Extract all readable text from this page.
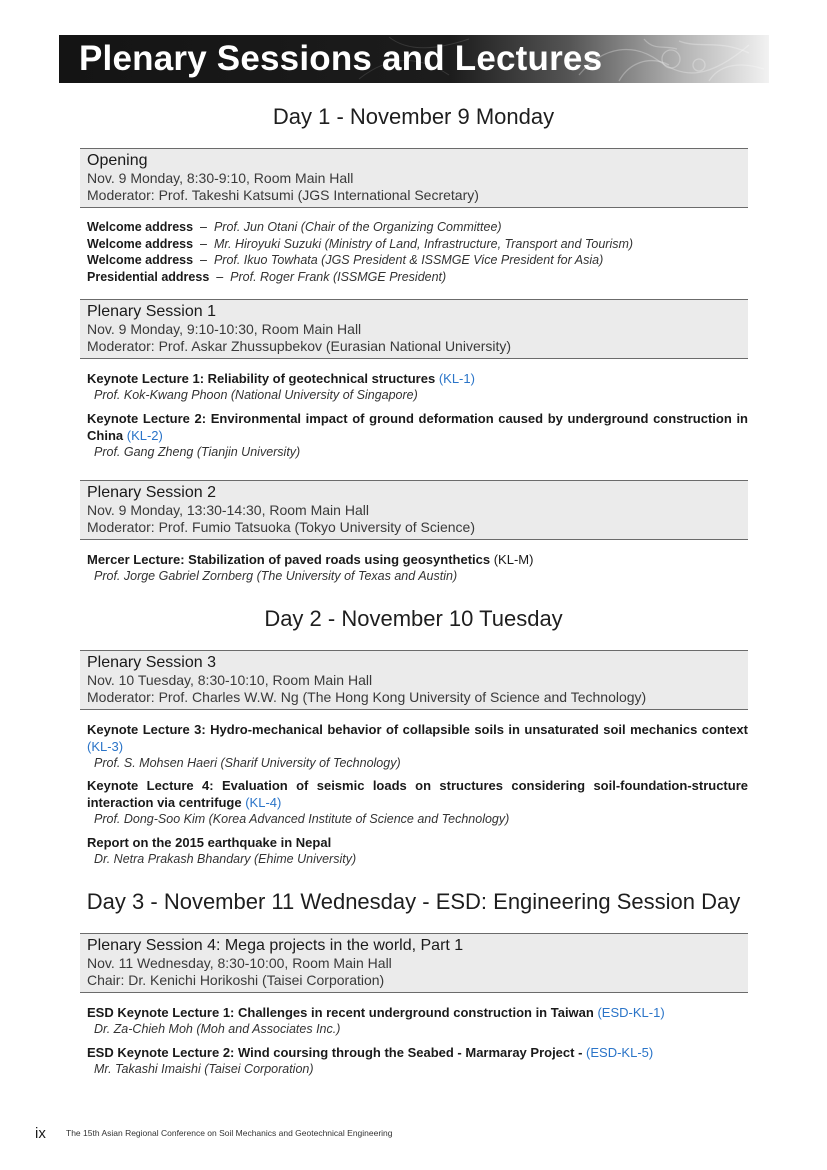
Plenary Sessions and Lectures
Day 1 - November 9 Monday
Opening
Nov. 9 Monday, 8:30-9:10, Room Main Hall
Moderator: Prof. Takeshi Katsumi (JGS International Secretary)
Welcome address – Prof. Jun Otani (Chair of the Organizing Committee)
Welcome address – Mr. Hiroyuki Suzuki (Ministry of Land, Infrastructure, Transport and Tourism)
Welcome address – Prof. Ikuo Towhata (JGS President & ISSMGE Vice President for Asia)
Presidential address – Prof. Roger Frank (ISSMGE President)
Plenary Session 1
Nov. 9 Monday, 9:10-10:30, Room Main Hall
Moderator: Prof. Askar Zhussupbekov (Eurasian National University)
Keynote Lecture 1: Reliability of geotechnical structures (KL-1)
Prof. Kok-Kwang Phoon (National University of Singapore)
Keynote Lecture 2: Environmental impact of ground deformation caused by underground construction in China (KL-2)
Prof. Gang Zheng (Tianjin University)
Plenary Session 2
Nov. 9 Monday, 13:30-14:30, Room Main Hall
Moderator: Prof. Fumio Tatsuoka (Tokyo University of Science)
Mercer Lecture: Stabilization of paved roads using geosynthetics (KL-M)
Prof. Jorge Gabriel Zornberg (The University of Texas and Austin)
Day 2 - November 10 Tuesday
Plenary Session 3
Nov. 10 Tuesday, 8:30-10:10, Room Main Hall
Moderator: Prof. Charles W.W. Ng (The Hong Kong University of Science and Technology)
Keynote Lecture 3: Hydro-mechanical behavior of collapsible soils in unsaturated soil mechanics context (KL-3)
Prof. S. Mohsen Haeri (Sharif University of Technology)
Keynote Lecture 4: Evaluation of seismic loads on structures considering soil-foundation-structure interaction via centrifuge (KL-4)
Prof. Dong-Soo Kim (Korea Advanced Institute of Science and Technology)
Report on the 2015 earthquake in Nepal
Dr. Netra Prakash Bhandary (Ehime University)
Day 3 - November 11 Wednesday - ESD: Engineering Session Day
Plenary Session 4: Mega projects in the world, Part 1
Nov. 11 Wednesday, 8:30-10:00, Room Main Hall
Chair: Dr. Kenichi Horikoshi (Taisei Corporation)
ESD Keynote Lecture 1: Challenges in recent underground construction in Taiwan (ESD-KL-1)
Dr. Za-Chieh Moh (Moh and Associates Inc.)
ESD Keynote Lecture 2: Wind coursing through the Seabed - Marmaray Project - (ESD-KL-5)
Mr. Takashi Imaishi (Taisei Corporation)
ix The 15th Asian Regional Conference on Soil Mechanics and Geotechnical Engineering
